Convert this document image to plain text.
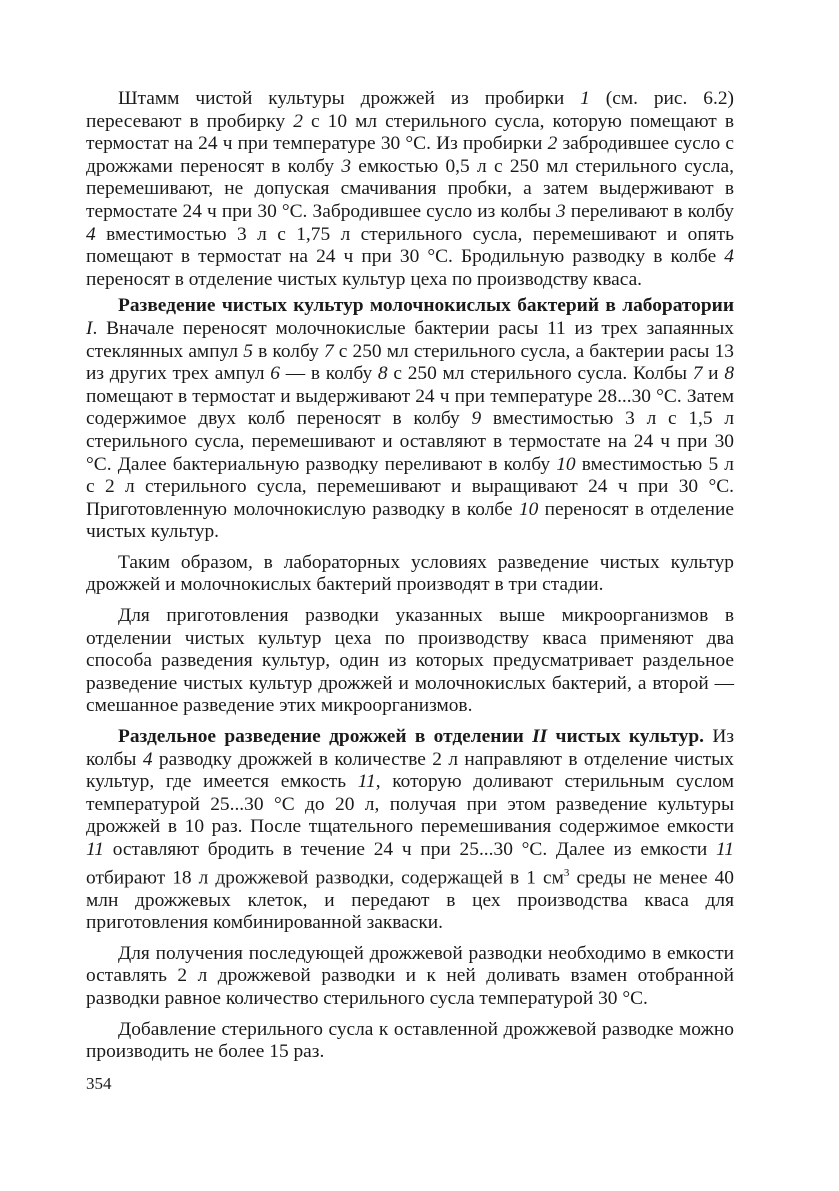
Штамм чистой культуры дрожжей из пробирки 1 (см. рис. 6.2) пересевают в пробирку 2 с 10 мл стерильного сусла, которую помещают в термостат на 24 ч при температуре 30 °С. Из пробирки 2 забродившее сусло с дрожжами переносят в колбу 3 емкостью 0,5 л с 250 мл стерильного сусла, перемешивают, не допуская смачивания пробки, а затем выдерживают в термостате 24 ч при 30 °С. Забродившее сусло из колбы 3 переливают в колбу 4 вместимостью 3 л с 1,75 л стерильного сусла, перемешивают и опять помещают в термостат на 24 ч при 30 °С. Бродильную разводку в колбе 4 переносят в отделение чистых культур цеха по производству кваса.

Разведение чистых культур молочнокислых бактерий в лаборатории I. Вначале переносят молочнокислые бактерии расы 11 из трех запаянных стеклянных ампул 5 в колбу 7 с 250 мл стерильного сусла, а бактерии расы 13 из других трех ампул 6 — в колбу 8 с 250 мл стерильного сусла. Колбы 7 и 8 помещают в термостат и выдерживают 24 ч при температуре 28...30 °С. Затем содержимое двух колб переносят в колбу 9 вместимостью 3 л с 1,5 л стерильного сусла, перемешивают и оставляют в термостате на 24 ч при 30 °С. Далее бактериальную разводку переливают в колбу 10 вместимостью 5 л с 2 л стерильного сусла, перемешивают и выращивают 24 ч при 30 °С. Приготовленную молочнокислую разводку в колбе 10 переносят в отделение чистых культур.

Таким образом, в лабораторных условиях разведение чистых культур дрожжей и молочнокислых бактерий производят в три стадии.

Для приготовления разводки указанных выше микроорганизмов в отделении чистых культур цеха по производству кваса применяют два способа разведения культур, один из которых предусматривает раздельное разведение чистых культур дрожжей и молочнокислых бактерий, а второй — смешанное разведение этих микроорганизмов.

Раздельное разведение дрожжей в отделении II чистых культур. Из колбы 4 разводку дрожжей в количестве 2 л направляют в отделение чистых культур, где имеется емкость 11, которую доливают стерильным суслом температурой 25...30 °С до 20 л, получая при этом разведение культуры дрожжей в 10 раз. После тщательного перемешивания содержимое емкости 11 оставляют бродить в течение 24 ч при 25...30 °С. Далее из емкости 11 отбирают 18 л дрожжевой разводки, содержащей в 1 $см^3$ среды не менее 40 млн дрожжевых клеток, и передают в цех производства кваса для приготовления комбинированной закваски.

Для получения последующей дрожжевой разводки необходимо в емкости оставлять 2 л дрожжевой разводки и к ней доливать взамен отобранной разводки равное количество стерильного сусла температурой 30 °С.

Добавление стерильного сусла к оставленной дрожжевой разводке можно производить не более 15 раз.

354
